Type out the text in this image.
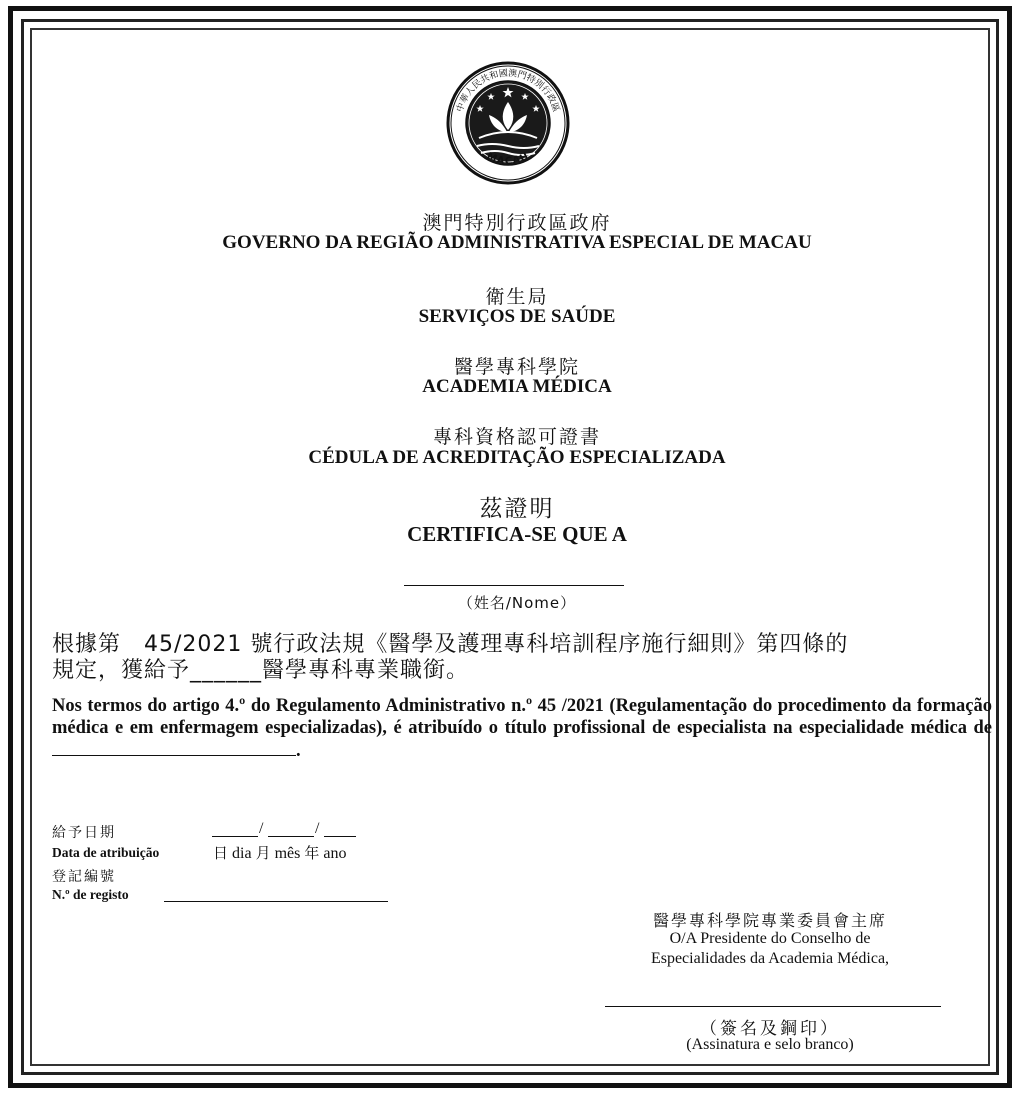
中華人民共和國澳門特別行政區
MACAU
澳門特別行政區政府
GOVERNO DA REGIÃO ADMINISTRATIVA ESPECIAL DE MACAU
衛生局
SERVIÇOS DE SAÚDE
醫學專科學院
ACADEMIA MÉDICA
專科資格認可證書
CÉDULA DE ACREDITAÇÃO ESPECIALIZADA
茲證明
CERTIFICA-SE QUE A
（姓名/Nome）
根據第　45/2021 號行政法規《醫學及護理專科培訓程序施行細則》第四條的
規定，獲給予______醫學專科專業職銜。
Nos termos do artigo 4.º do Regulamento Administrativo n.º 45 /2021 (Regulamentação do procedimento da formação médica e em enfermagem especializadas), é atribuído o título profissional de especialista na especialidade médica de .
給予日期	/	/
Data de atribuição	日 dia 月 mês 年 ano
登記編號
N.º de registo
醫學專科學院專業委員會主席
O/A Presidente do Conselho de
Especialidades da Academia Médica,
（簽名及鋼印）
(Assinatura e selo branco)
